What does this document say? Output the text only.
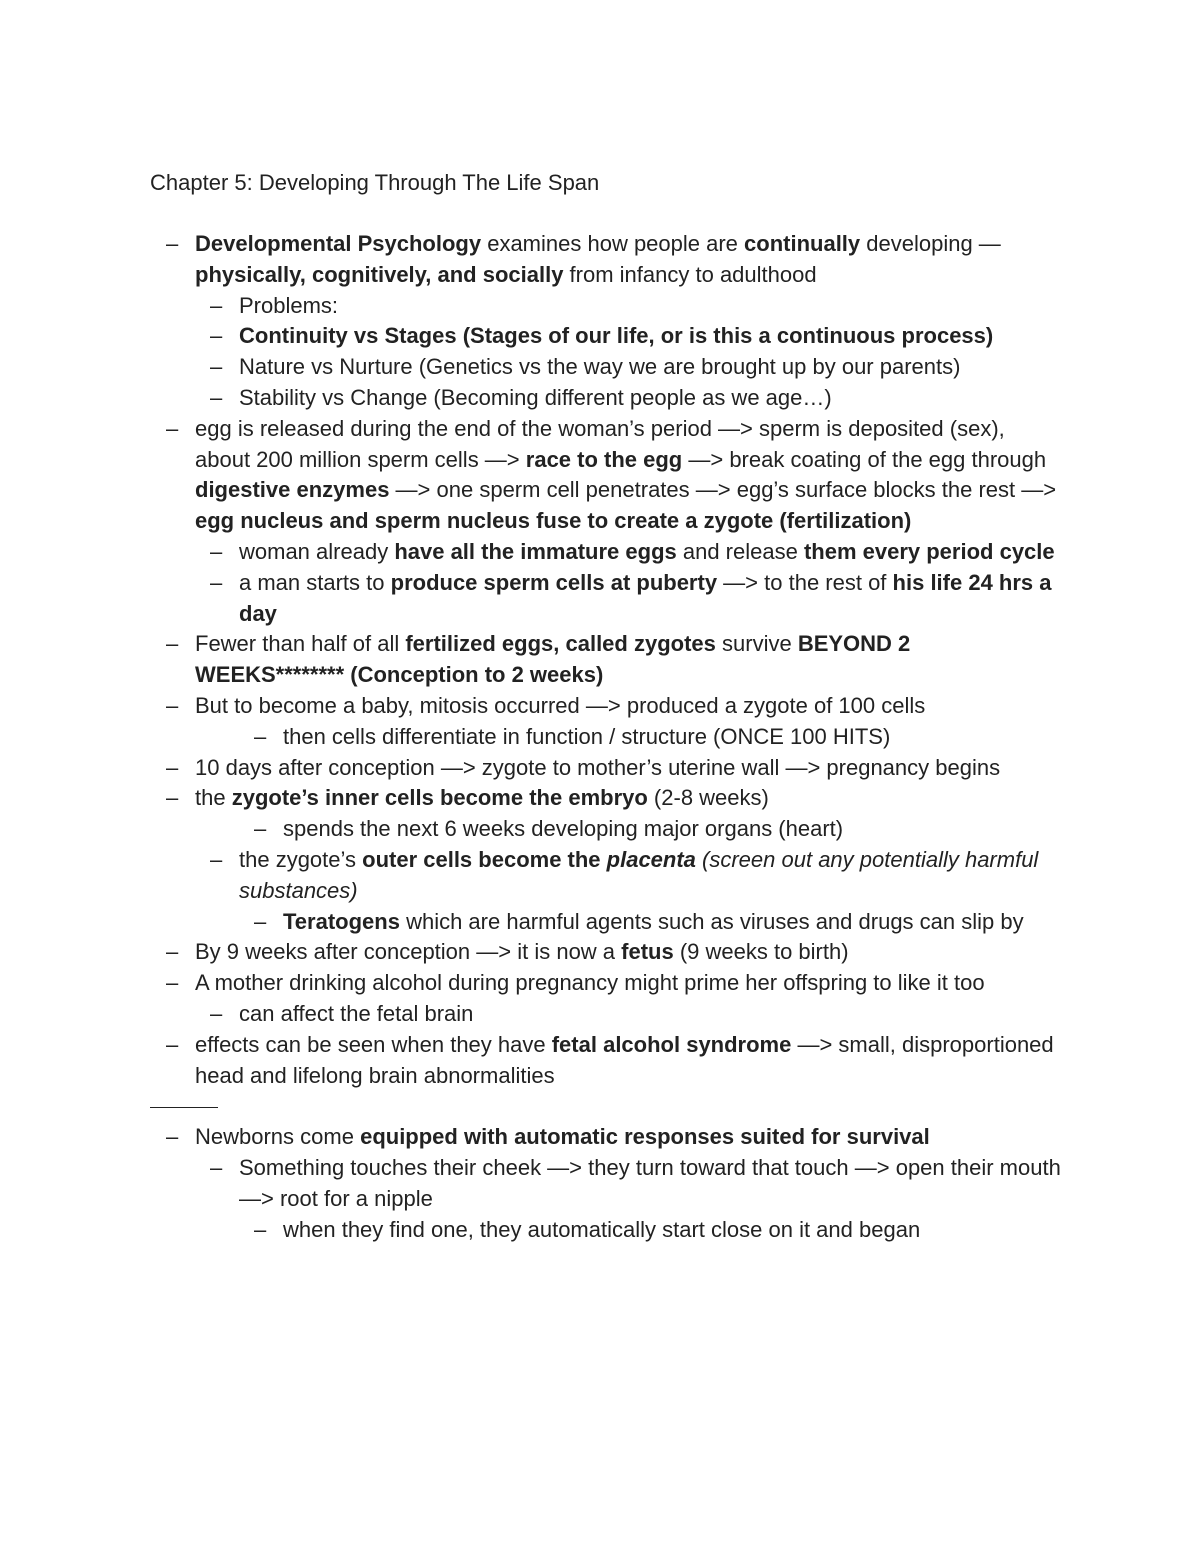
Chapter 5: Developing Through The Life Span
– Developmental Psychology examines how people are continually developing — physically, cognitively, and socially from infancy to adulthood
– Problems:
– Continuity vs Stages (Stages of our life, or is this a continuous process)
– Nature vs Nurture (Genetics vs the way we are brought up by our parents)
– Stability vs Change (Becoming different people as we age…)
– egg is released during the end of the woman’s period —> sperm is deposited (sex), about 200 million sperm cells —> race to the egg —> break coating of the egg through digestive enzymes —> one sperm cell penetrates —> egg’s surface blocks the rest —> egg nucleus and sperm nucleus fuse to create a zygote (fertilization)
– woman already have all the immature eggs and release them every period cycle
– a man starts to produce sperm cells at puberty —> to the rest of his life 24 hrs a day
– Fewer than half of all fertilized eggs, called zygotes survive BEYOND 2 WEEKS******** (Conception to 2 weeks)
– But to become a baby, mitosis occurred —> produced a zygote of 100 cells
– then cells differentiate in function / structure (ONCE 100 HITS)
– 10 days after conception —> zygote to mother’s uterine wall —> pregnancy begins
– the zygote’s inner cells become the embryo (2-8 weeks)
– spends the next 6 weeks developing major organs (heart)
– the zygote’s outer cells become the placenta (screen out any potentially harmful substances)
– Teratogens which are harmful agents such as viruses and drugs can slip by
– By 9 weeks after conception —> it is now a fetus (9 weeks to birth)
– A mother drinking alcohol during pregnancy might prime her offspring to like it too
– can affect the fetal brain
– effects can be seen when they have fetal alcohol syndrome —> small, disproportioned head and lifelong brain abnormalities
– Newborns come equipped with automatic responses suited for survival
– Something touches their cheek —> they turn toward that touch —> open their mouth —> root for a nipple
– when they find one, they automatically start close on it and began
